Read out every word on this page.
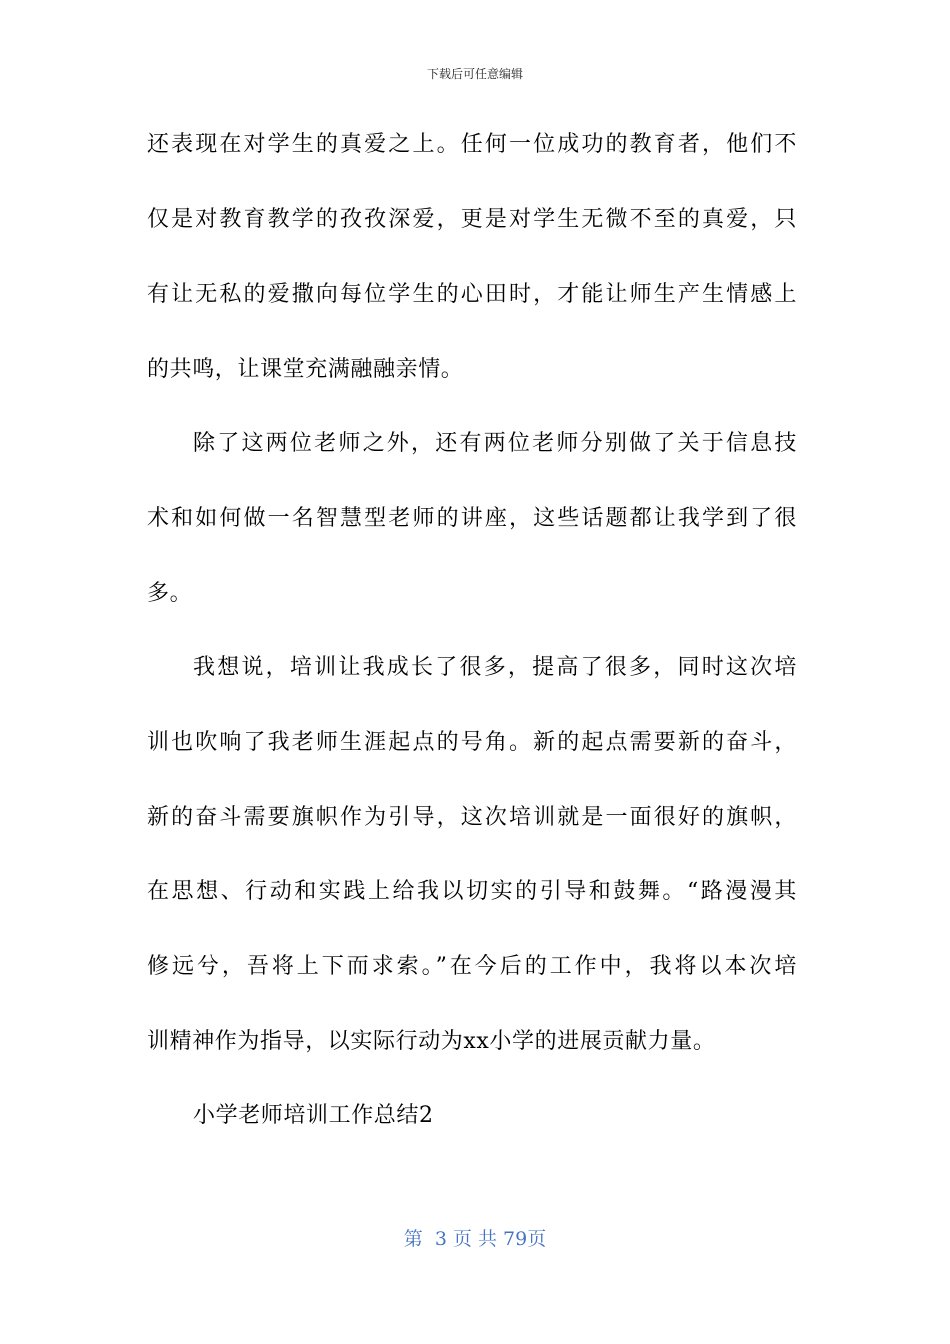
下载后可任意编辑
还表现在对学生的真爱之上。任何一位成功的教育者，他们不
仅是对教育教学的孜孜深爱，更是对学生无微不至的真爱，只
有让无私的爱撒向每位学生的心田时，才能让师生产生情感上
的共鸣，让课堂充满融融亲情。
除了这两位老师之外，还有两位老师分别做了关于信息技
术和如何做一名智慧型老师的讲座，这些话题都让我学到了很
多。
我想说，培训让我成长了很多，提高了很多，同时这次培
训也吹响了我老师生涯起点的号角。新的起点需要新的奋斗，
新的奋斗需要旗帜作为引导，这次培训就是一面很好的旗帜，
在思想、行动和实践上给我以切实的引导和鼓舞。“路漫漫其
修远兮，吾将上下而求索。”在今后的工作中，我将以本次培
训精神作为指导，以实际行动为xx小学的进展贡献力量。
小学老师培训工作总结2
第  3 页 共 79页
